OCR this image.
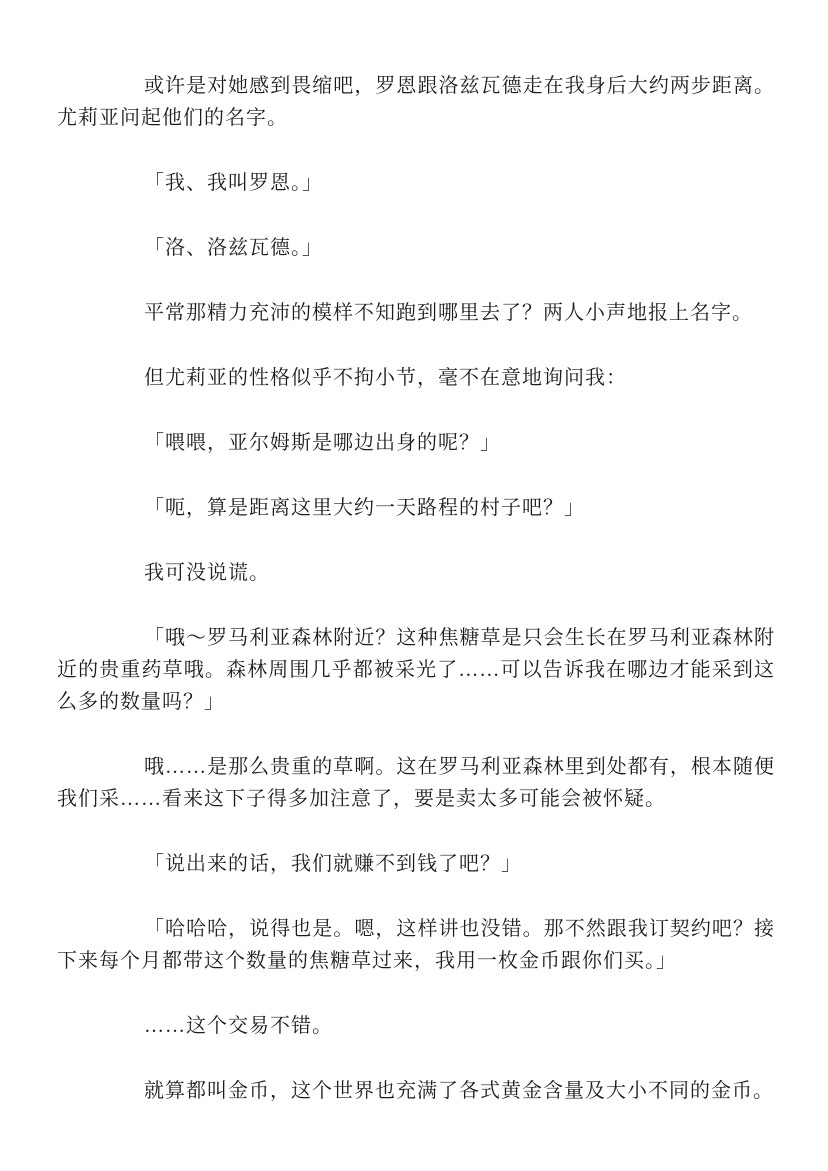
或许是对她感到畏缩吧，罗恩跟洛兹瓦德走在我身后大约两步距离。尤莉亚问起他们的名字。

「我、我叫罗恩。」

「洛、洛兹瓦德。」

平常那精力充沛的模样不知跑到哪里去了？两人小声地报上名字。

但尤莉亚的性格似乎不拘小节，毫不在意地询问我：

「喂喂，亚尔姆斯是哪边出身的呢？」

「呃，算是距离这里大约一天路程的村子吧？」

我可没说谎。

「哦～罗马利亚森林附近？这种焦糖草是只会生长在罗马利亚森林附近的贵重药草哦。森林周围几乎都被采光了……可以告诉我在哪边才能采到这么多的数量吗？」

哦……是那么贵重的草啊。这在罗马利亚森林里到处都有，根本随便我们采……看来这下子得多加注意了，要是卖太多可能会被怀疑。

「说出来的话，我们就赚不到钱了吧？」

「哈哈哈，说得也是。嗯，这样讲也没错。那不然跟我订契约吧？接下来每个月都带这个数量的焦糖草过来，我用一枚金币跟你们买。」

……这个交易不错。

就算都叫金币，这个世界也充满了各式黄金含量及大小不同的金币。
